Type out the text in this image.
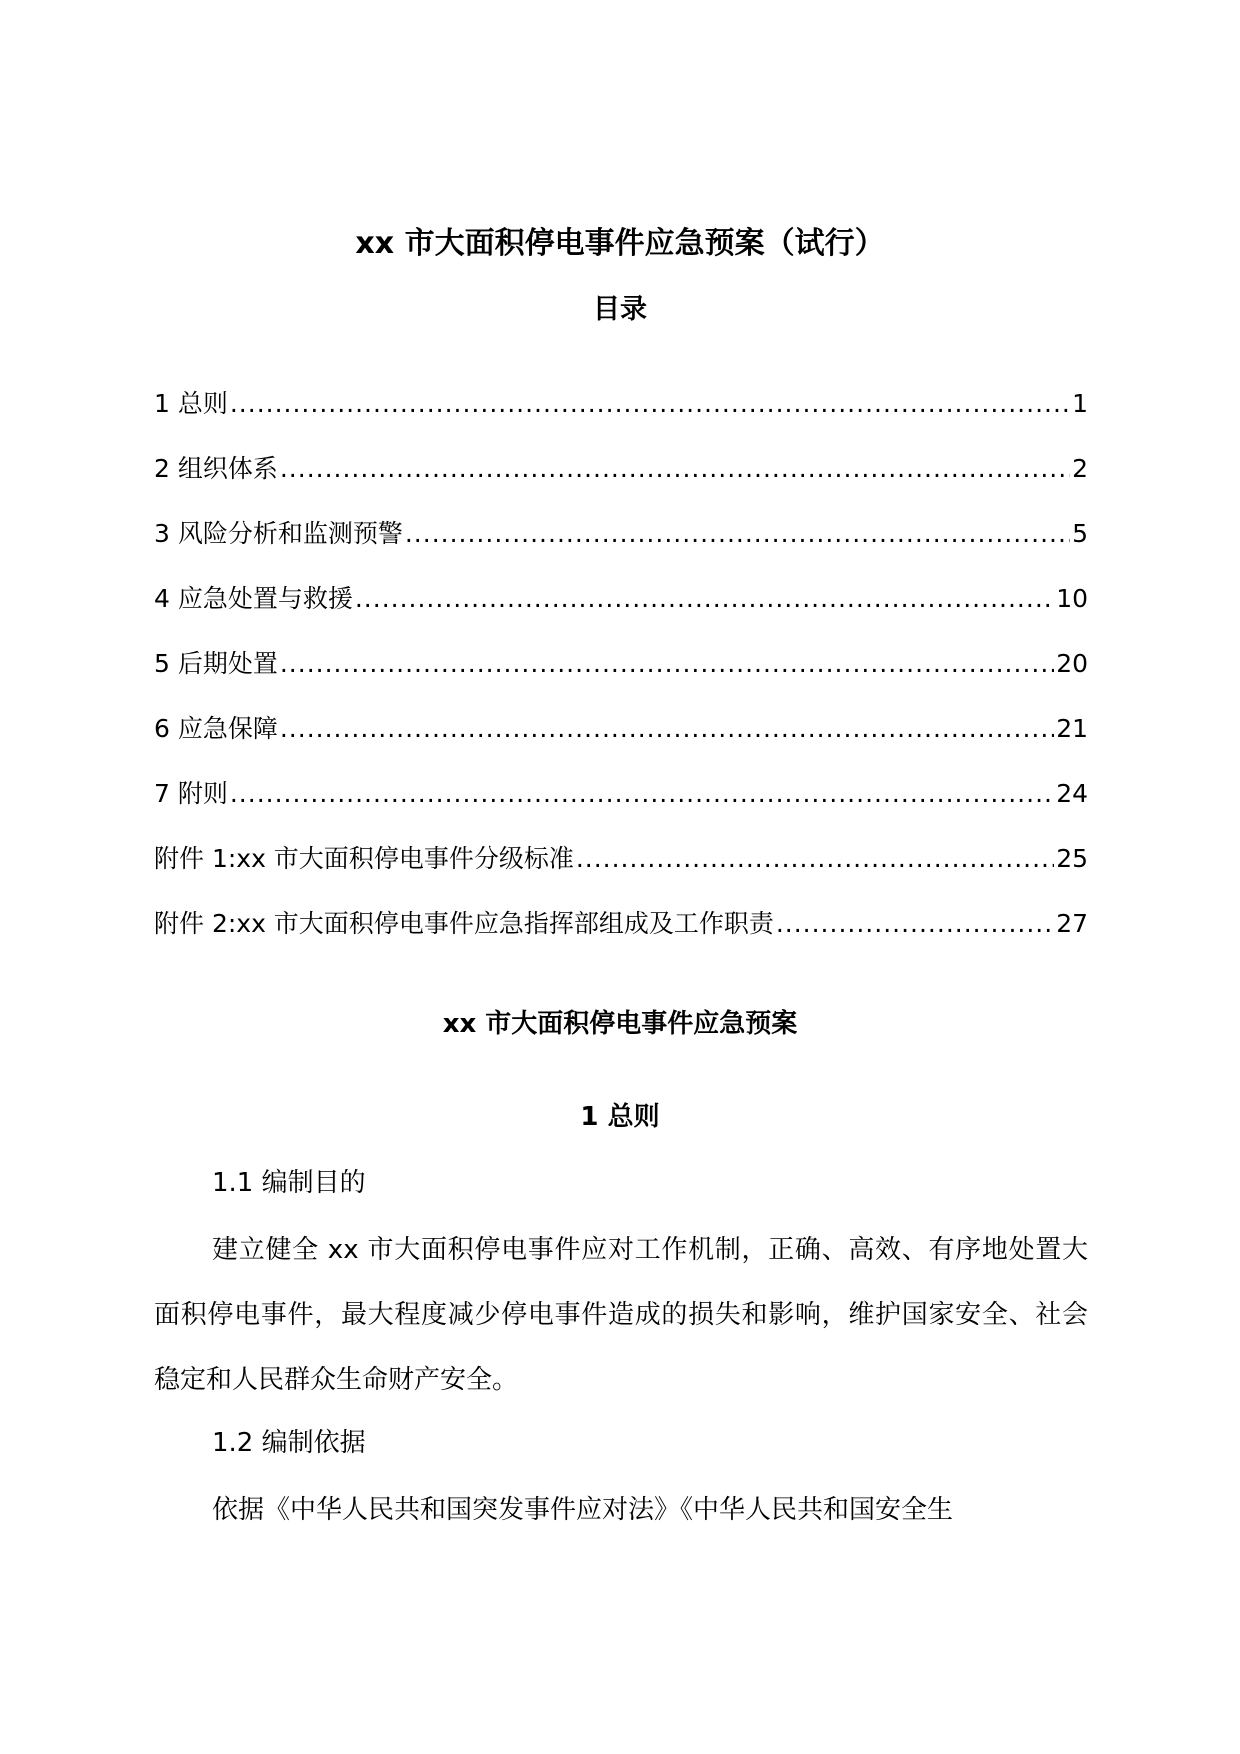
xx 市大面积停电事件应急预案（试行）
目录
1 总则 .....	1
2 组织体系 .....	2
3 风险分析和监测预警 .....	5
4 应急处置与救援 .....	10
5 后期处置 .....	20
6 应急保障 .....	21
7 附则 .....	24
附件 1:xx 市大面积停电事件分级标准 .....	25
附件 2:xx 市大面积停电事件应急指挥部组成及工作职责 .....	27
xx 市大面积停电事件应急预案
1 总则
1.1 编制目的

建立健全 xx 市大面积停电事件应对工作机制，正确、高效、有序地处置大面积停电事件，最大程度减少停电事件造成的损失和影响，维护国家安全、社会稳定和人民群众生命财产安全。

1.2 编制依据

依据《中华人民共和国突发事件应对法》《中华人民共和国安全生
